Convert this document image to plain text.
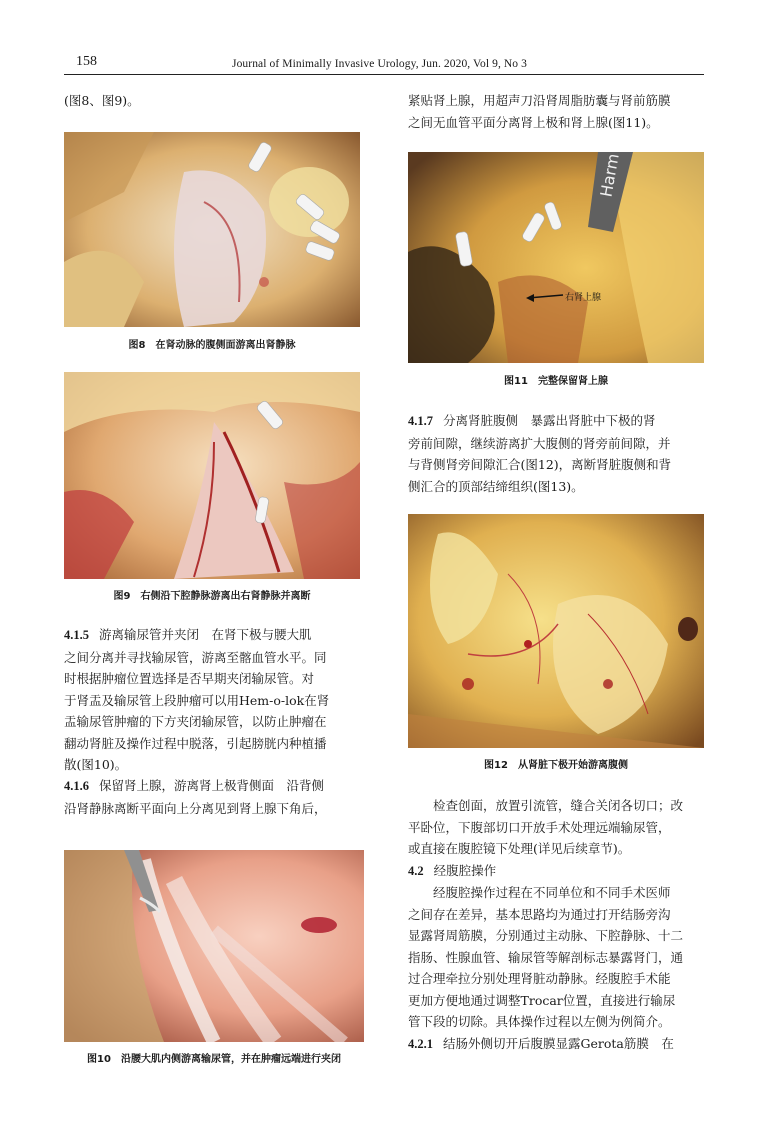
158	Journal of Minimally Invasive Urology, Jun. 2020, Vol 9, No 3
(图8、图9)。
图8　在肾动脉的腹侧面游离出肾静脉
图9　右侧沿下腔静脉游离出右肾静脉并离断
4.1.5 游离输尿管并夹闭　在肾下极与腰大肌
之间分离并寻找输尿管，游离至髂血管水平。同
时根据肿瘤位置选择是否早期夹闭输尿管。对
于肾盂及输尿管上段肿瘤可以用Hem-o-lok在肾
盂输尿管肿瘤的下方夹闭输尿管，以防止肿瘤在
翻动肾脏及操作过程中脱落，引起膀胱内种植播
散(图10)。
4.1.6 保留肾上腺，游离肾上极背侧面　沿背侧
沿肾静脉离断平面向上分离见到肾上腺下角后，
图10　沿腰大肌内侧游离输尿管，并在肿瘤远端进行夹闭
紧贴肾上腺，用超声刀沿肾周脂肪囊与肾前筋膜
之间无血管平面分离肾上极和肾上腺(图11)。
Harm
右肾上腺
图11　完整保留肾上腺
4.1.7 分离肾脏腹侧　暴露出肾脏中下极的肾
旁前间隙，继续游离扩大腹侧的肾旁前间隙，并
与背侧肾旁间隙汇合(图12)，离断肾脏腹侧和背
侧汇合的顶部结缔组织(图13)。
图12　从肾脏下极开始游离腹侧
检查创面，放置引流管，缝合关闭各切口；改
平卧位，下腹部切口开放手术处理远端输尿管，
或直接在腹腔镜下处理(详见后续章节)。
4.2 经腹腔操作
经腹腔操作过程在不同单位和不同手术医师
之间存在差异，基本思路均为通过打开结肠旁沟
显露肾周筋膜，分别通过主动脉、下腔静脉、十二
指肠、性腺血管、输尿管等解剖标志暴露肾门，通
过合理牵拉分别处理肾脏动静脉。经腹腔手术能
更加方便地通过调整Trocar位置，直接进行输尿
管下段的切除。具体操作过程以左侧为例简介。
4.2.1 结肠外侧切开后腹膜显露Gerota筋膜　在
